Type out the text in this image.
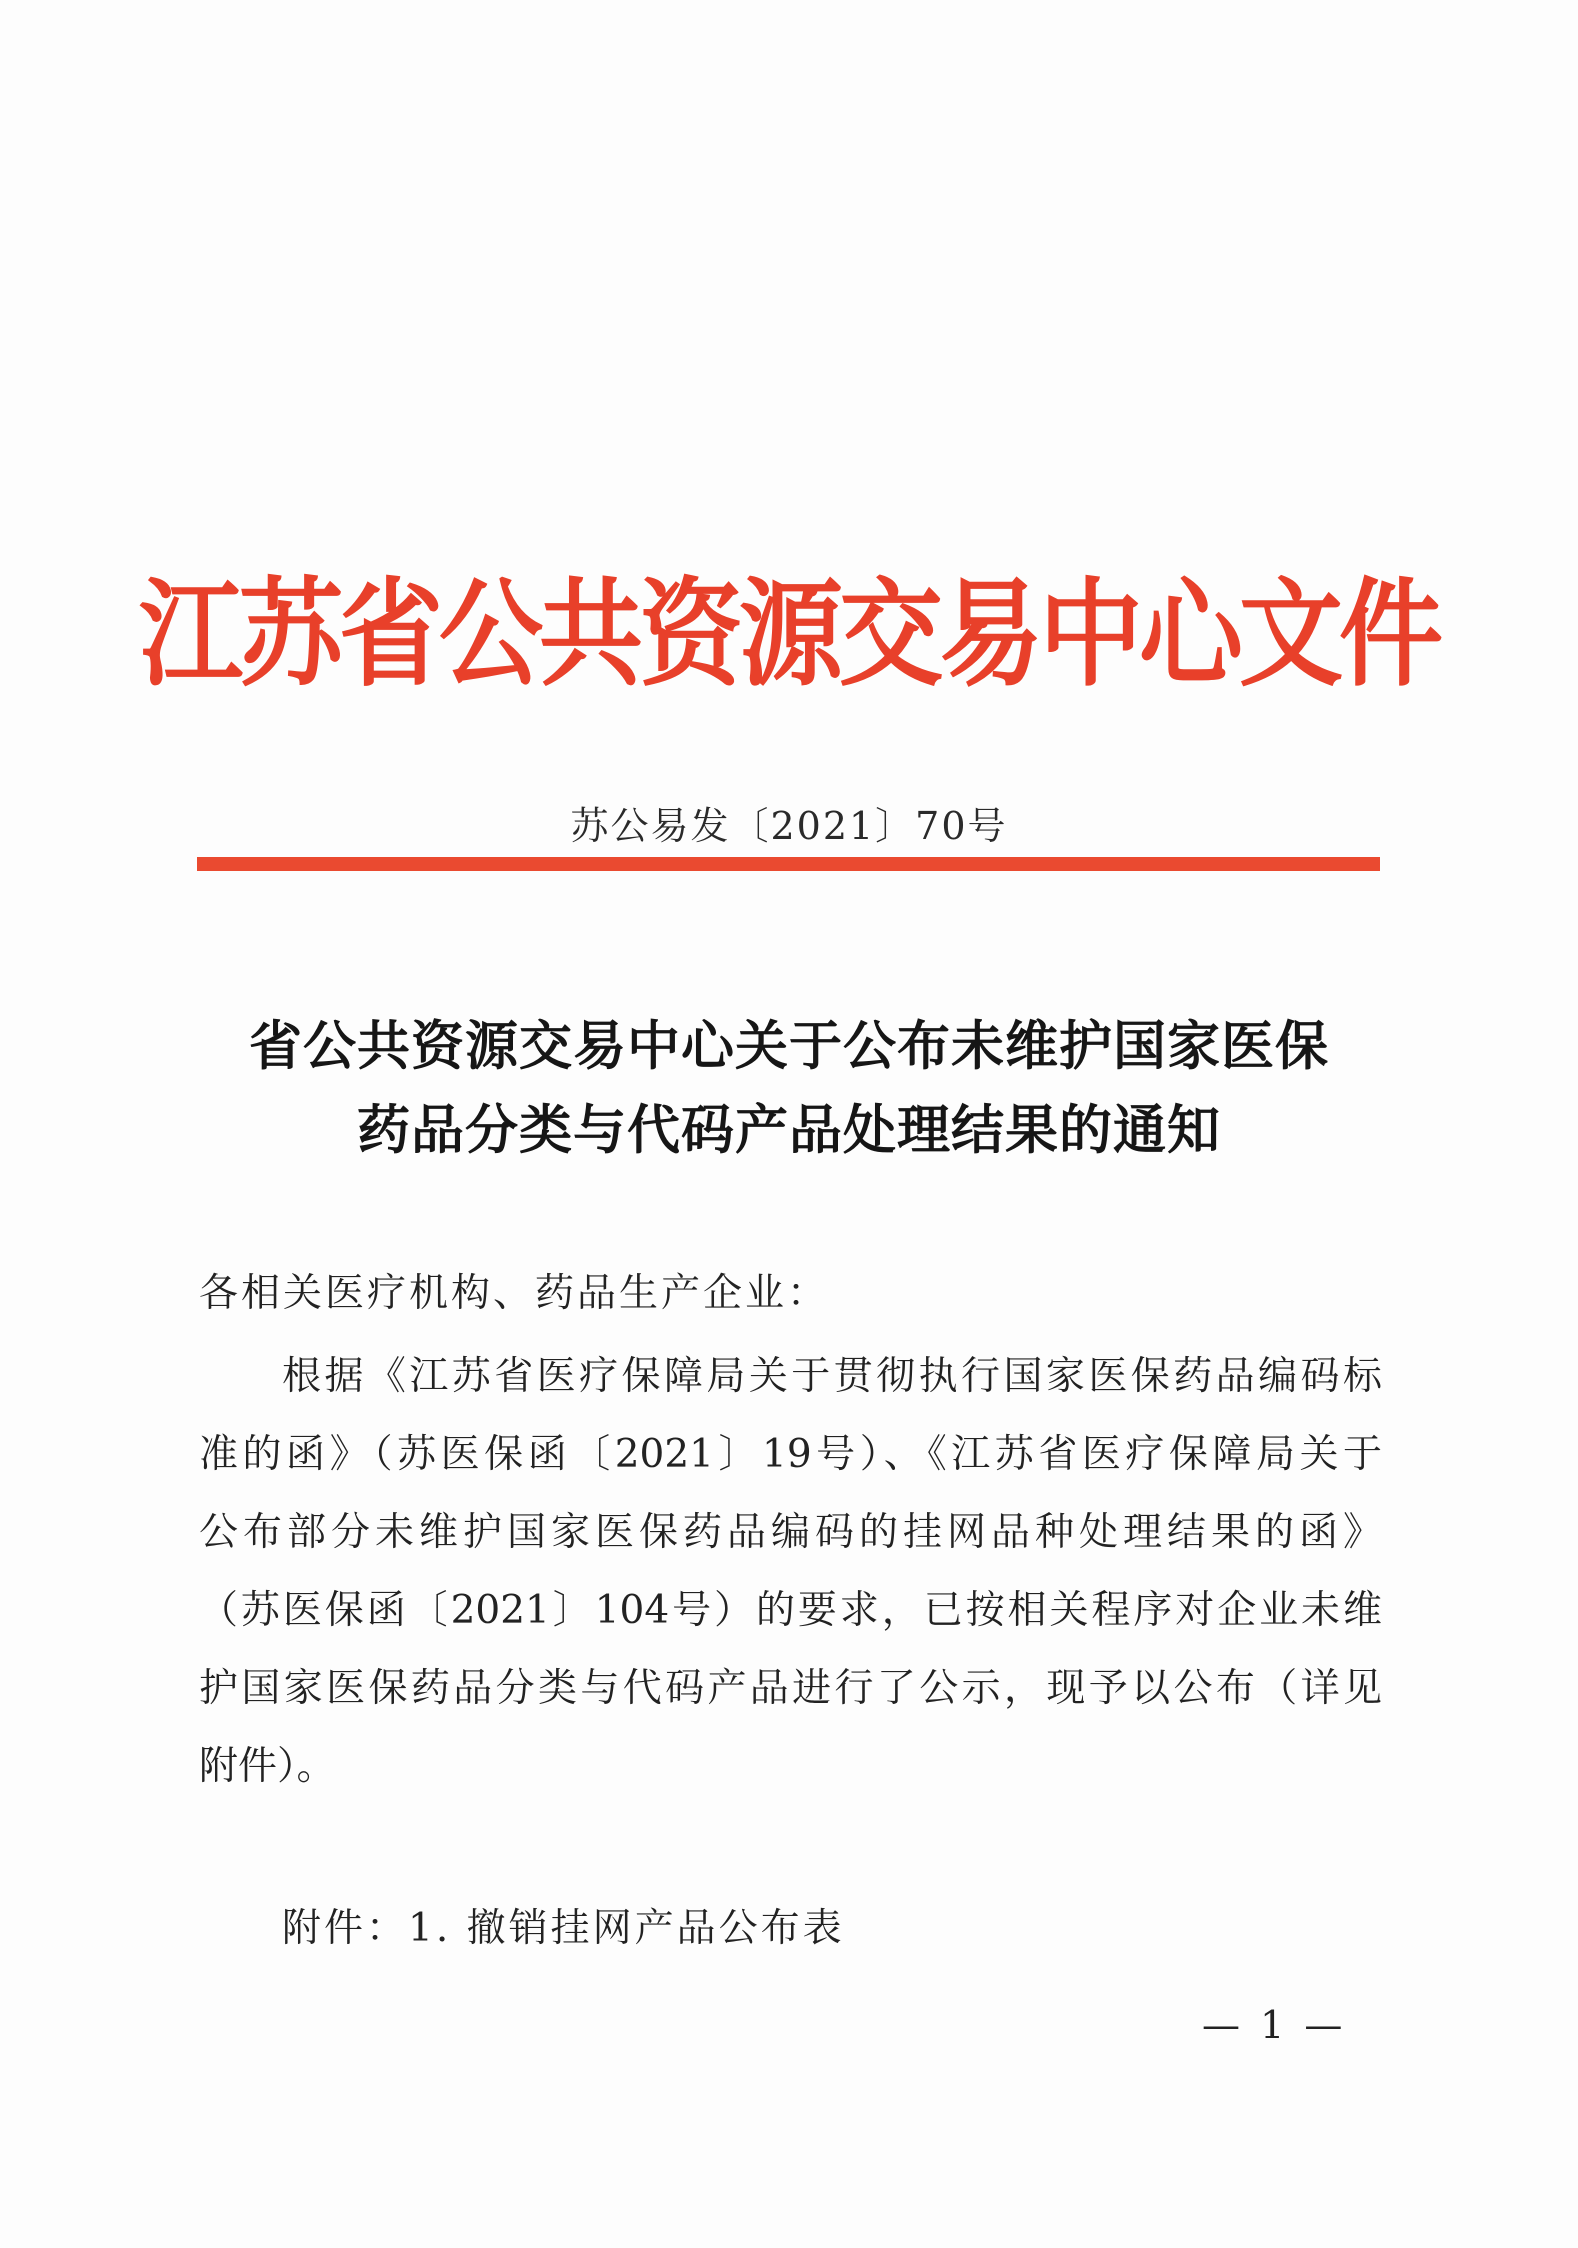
江苏省公共资源交易中心文件
苏公易发〔2021〕70号
省公共资源交易中心关于公布未维护国家医保
药品分类与代码产品处理结果的通知
各相关医疗机构、药品生产企业：
根据《江苏省医疗保障局关于贯彻执行国家医保药品编码标
准的函》（苏医保函〔2021〕19号）、《江苏省医疗保障局关于
公布部分未维护国家医保药品编码的挂网品种处理结果的函》
（苏医保函〔2021〕104号）的要求，已按相关程序对企业未维
护国家医保药品分类与代码产品进行了公示，现予以公布（详见
附件）。
附件：1. 撤销挂网产品公布表
— 1 —
